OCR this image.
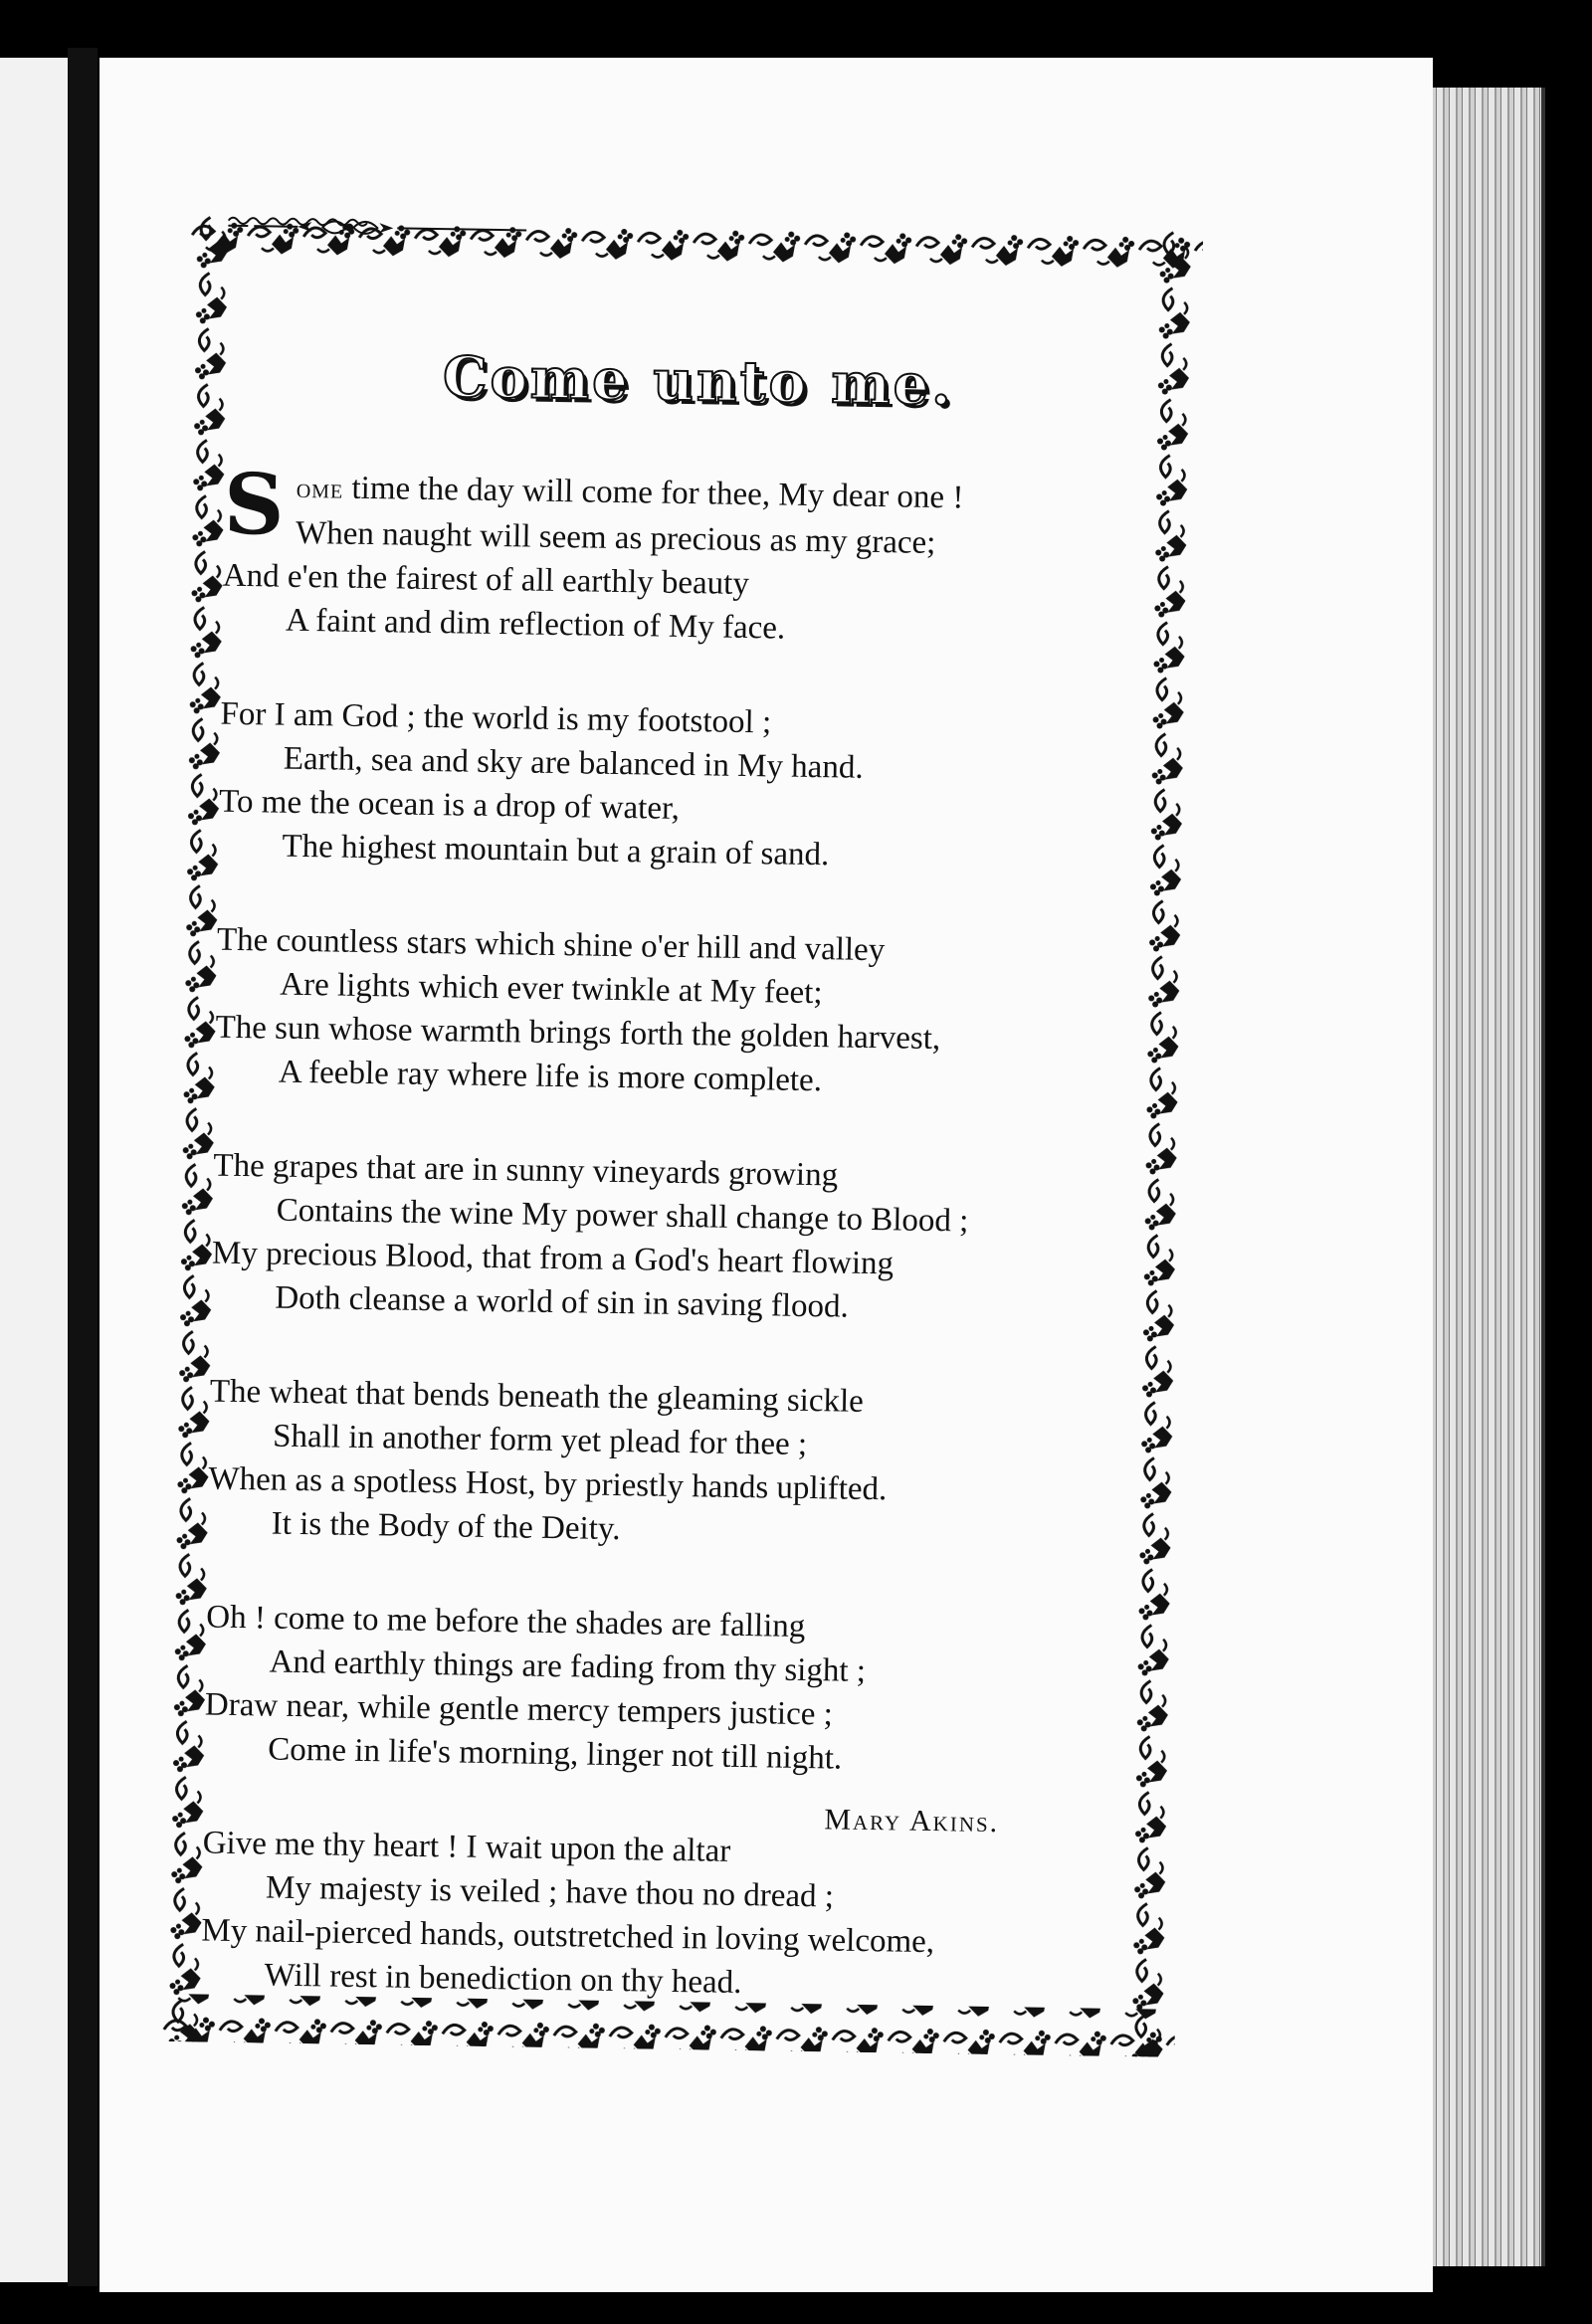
Come unto me.
S ome time the day will come for thee, My dear one !
When naught will seem as precious as my grace;
And e'en the fairest of all earthly beauty
A faint and dim reflection of My face.
For I am God ; the world is my footstool ;
Earth, sea and sky are balanced in My hand.
To me the ocean is a drop of water,
The highest mountain but a grain of sand.
The countless stars which shine o'er hill and valley
Are lights which ever twinkle at My feet;
The sun whose warmth brings forth the golden harvest,
A feeble ray where life is more complete.
The grapes that are in sunny vineyards growing
Contains the wine My power shall change to Blood ;
My precious Blood, that from a God's heart flowing
Doth cleanse a world of sin in saving flood.
The wheat that bends beneath the gleaming sickle
Shall in another form yet plead for thee ;
When as a spotless Host, by priestly hands uplifted.
It is the Body of the Deity.
Oh ! come to me before the shades are falling
And earthly things are fading from thy sight ;
Draw near, while gentle mercy tempers justice ;
Come in life's morning, linger not till night.
Give me thy heart ! I wait upon the altar
My majesty is veiled ; have thou no dread ;
My nail-pierced hands, outstretched in loving welcome,
Will rest in benediction on thy head.
Mary Akins.
